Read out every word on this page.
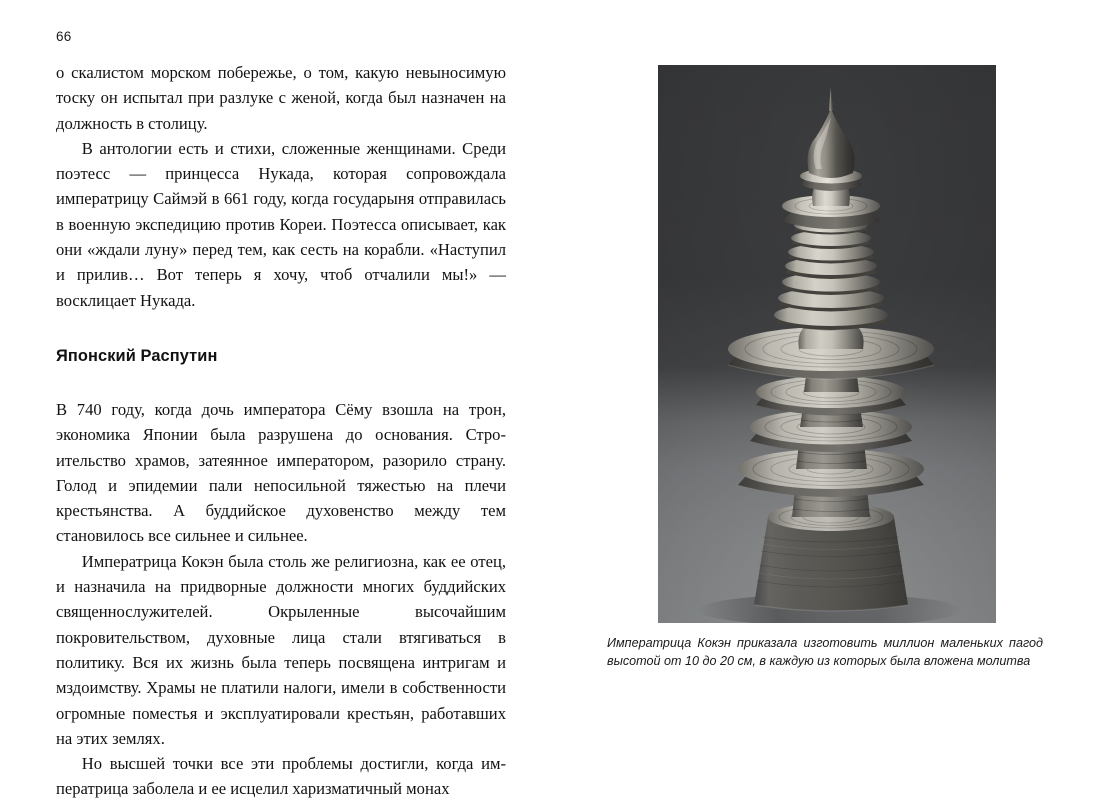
66

о скалистом морском побережье, о том, какую невыносимую тоску он испытал при разлуке с женой, когда был назначен на должность в столицу.

В антологии есть и стихи, сложенные женщинами. Среди поэтесс — принцесса Нукада, которая сопровождала императрицу Саймэй в 661 году, когда государыня отправилась в военную экспедицию против Кореи. Поэтесса описывает, как они «ждали луну» перед тем, как сесть на корабли. «Наступил и прилив… Вот теперь я хочу, чтоб отчалили мы!» — восклицает Нукада.

Японский Распутин

В 740 году, когда дочь императора Сёму взошла на трон, экономика Японии была разрушена до основания. Строительство храмов, затеянное императором, разорило страну. Голод и эпидемии пали непосильной тяжестью на плечи крестьянства. А буддийское духовенство между тем становилось все сильнее и сильнее.

Императрица Кокэн была столь же религиозна, как ее отец, и назначила на придворные должности многих буддийских священнослужителей. Окрыленные высочайшим покровительством, духовные лица стали втягиваться в политику. Вся их жизнь была теперь посвящена интригам и мздоимству. Храмы не платили налоги, имели в собственности огромные поместья и эксплуатировали крестьян, работавших на этих землях.

Но высшей точки все эти проблемы достигли, когда императрица заболела и ее исцелил харизматичный монах

Императрица Кокэн приказала изготовить миллион маленьких пагод высотой от 10 до 20 см, в каждую из которых была вложена молитва
